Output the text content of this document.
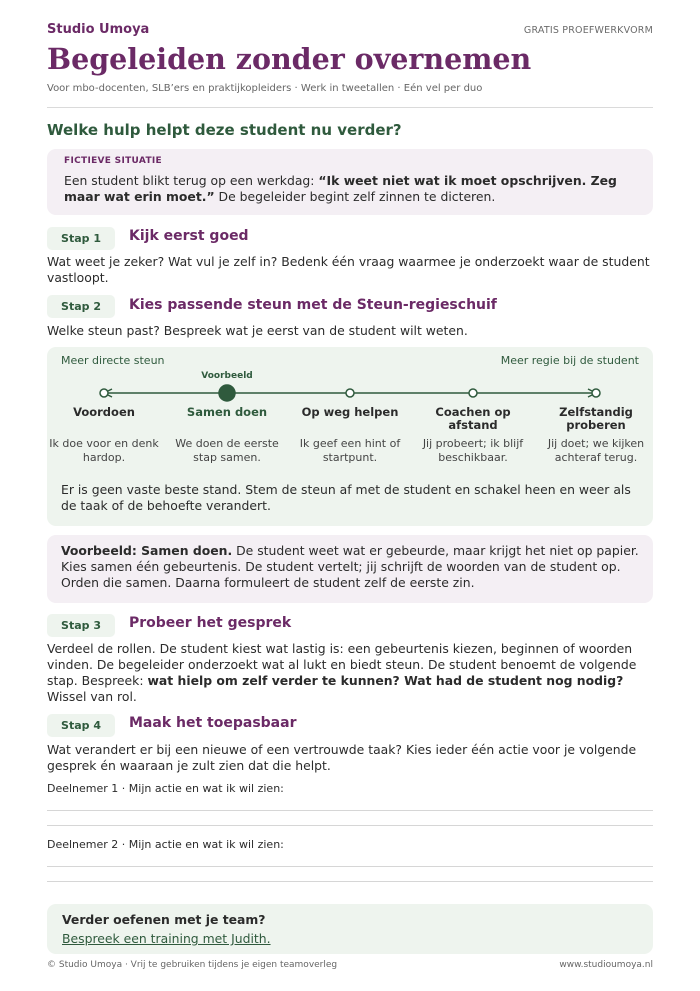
Studio Umoya	GRATIS PROEFWERKVORM
Begeleiden zonder overnemen
Voor mbo-docenten, SLB’ers en praktijkopleiders · Werk in tweetallen · Eén vel per duo
Welke hulp helpt deze student nu verder?
FICTIEVE SITUATIE
Een student blikt terug op een werkdag: “Ik weet niet wat ik moet opschrijven. Zeg maar wat erin moet.” De begeleider begint zelf zinnen te dicteren.
Stap 1	Kijk eerst goed
Wat weet je zeker? Wat vul je zelf in? Bedenk één vraag waarmee je onderzoekt waar de student vastloopt.
Stap 2	Kies passende steun met de Steun-regieschuif
Welke steun past? Bespreek wat je eerst van de student wilt weten.
Meer directe steun	Meer regie bij de student
Voorbeeld
Voordoen
Ik doe voor en denk hardop.
Samen doen
We doen de eerste stap samen.
Op weg helpen
Ik geef een hint of startpunt.
Coachen op afstand
Jij probeert; ik blijf beschikbaar.
Zelfstandig proberen
Jij doet; we kijken achteraf terug.
Er is geen vaste beste stand. Stem de steun af met de student en schakel heen en weer als de taak of de behoefte verandert.
Voorbeeld: Samen doen. De student weet wat er gebeurde, maar krijgt het niet op papier. Kies samen één gebeurtenis. De student vertelt; jij schrijft de woorden van de student op. Orden die samen. Daarna formuleert de student zelf de eerste zin.
Stap 3	Probeer het gesprek
Verdeel de rollen. De student kiest wat lastig is: een gebeurtenis kiezen, beginnen of woorden vinden. De begeleider onderzoekt wat al lukt en biedt steun. De student benoemt de volgende stap. Bespreek: wat hielp om zelf verder te kunnen? Wat had de student nog nodig? Wissel van rol.
Stap 4	Maak het toepasbaar
Wat verandert er bij een nieuwe of een vertrouwde taak? Kies ieder één actie voor je volgende gesprek én waaraan je zult zien dat die helpt.
Deelnemer 1 · Mijn actie en wat ik wil zien:
Deelnemer 2 · Mijn actie en wat ik wil zien:
Verder oefenen met je team?
Bespreek een training met Judith.
© Studio Umoya · Vrij te gebruiken tijdens je eigen teamoverleg	www.studioumoya.nl
